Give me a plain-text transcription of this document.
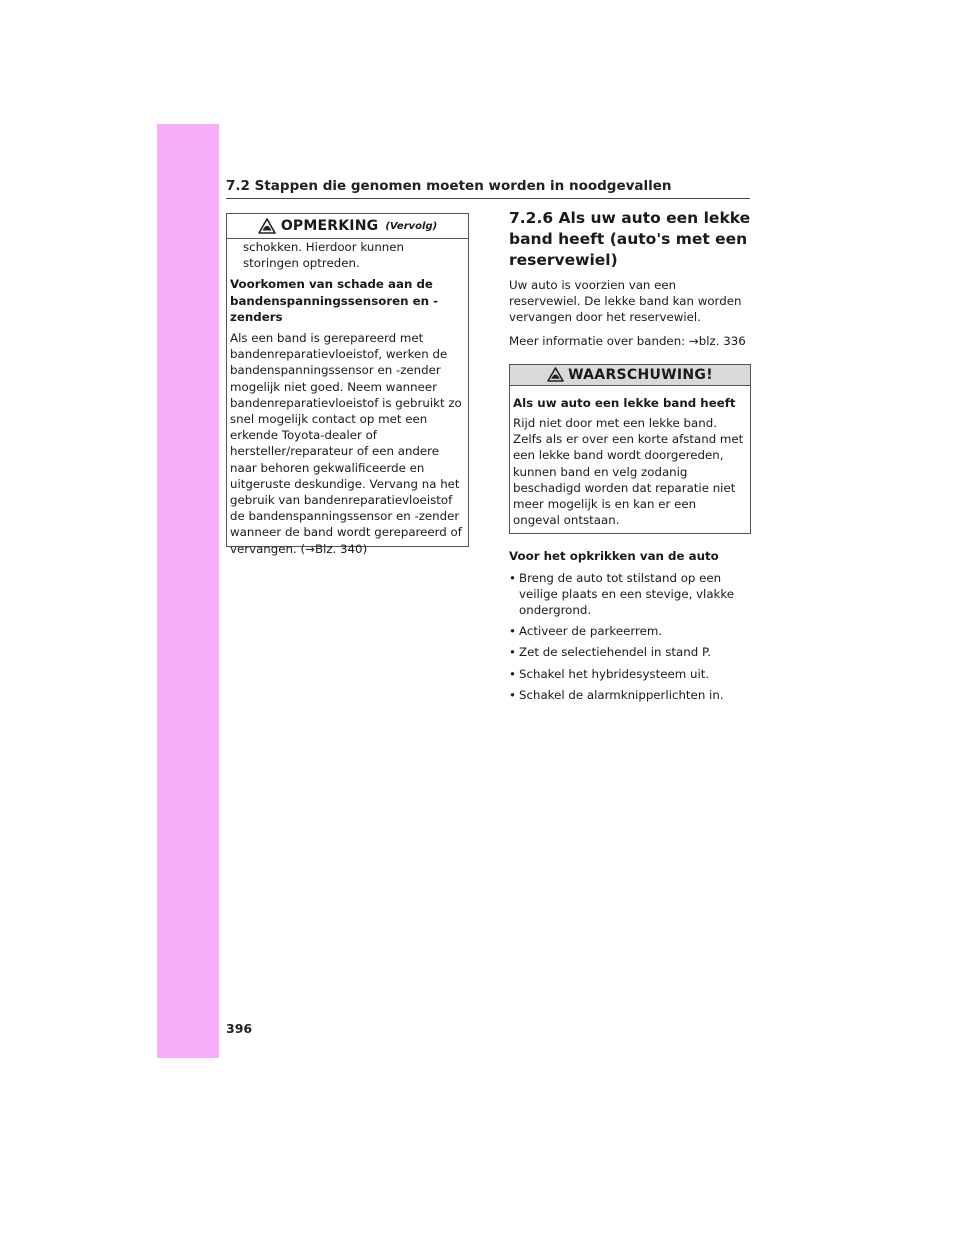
7.2 Stappen die genomen moeten worden in noodgevallen
OPMERKING (Vervolg)

schokken. Hierdoor kunnen storingen optreden.

Voorkomen van schade aan de bandenspanningssensoren en -zenders

Als een band is gerepareerd met bandenreparatievloeistof, werken de bandenspanningssensor en -zender mogelijk niet goed. Neem wanneer bandenreparatievloeistof is gebruikt zo snel mogelijk contact op met een erkende Toyota-dealer of hersteller/reparateur of een andere naar behoren gekwalificeerde en uitgeruste deskundige. Vervang na het gebruik van bandenreparatievloeistof de bandenspanningssensor en -zender wanneer de band wordt gerepareerd of vervangen. (→Blz. 340)

7.2.6 Als uw auto een lekke band heeft (auto's met een reservewiel)

Uw auto is voorzien van een reservewiel. De lekke band kan worden vervangen door het reservewiel.

Meer informatie over banden: →blz. 336

WAARSCHUWING!

Als uw auto een lekke band heeft

Rijd niet door met een lekke band. Zelfs als er over een korte afstand met een lekke band wordt doorgereden, kunnen band en velg zodanig beschadigd worden dat reparatie niet meer mogelijk is en kan er een ongeval ontstaan.

Voor het opkrikken van de auto

• Breng de auto tot stilstand op een veilige plaats en een stevige, vlakke ondergrond.
• Activeer de parkeerrem.
• Zet de selectiehendel in stand P.
• Schakel het hybridesysteem uit.
• Schakel de alarmknipperlichten in.
396
